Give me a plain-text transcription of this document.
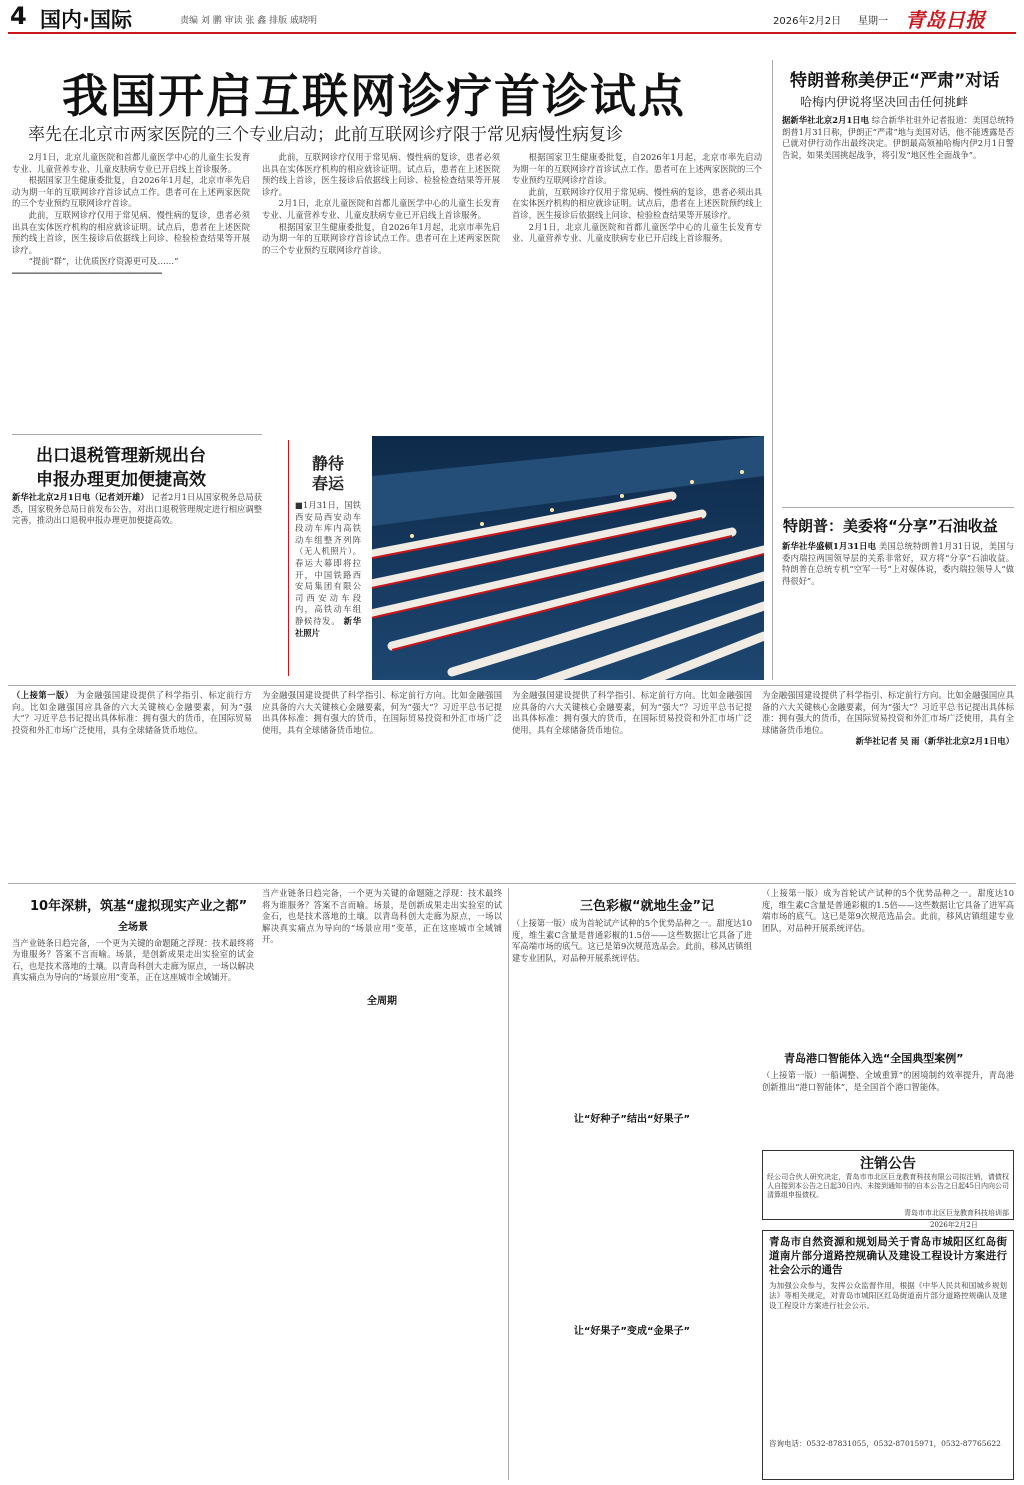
4 国内·国际	责编 刘 鹏 审读 张 鑫 排版 戚晓明	2026年2月2日 星期一 青岛日报
我国开启互联网诊疗首诊试点
率先在北京市两家医院的三个专业启动；此前互联网诊疗限于常见病慢性病复诊

2月1日，北京儿童医院和首都儿童医学中心的儿童生长发育专业、儿童营养专业、儿童皮肤病专业已开启线上首诊服务。

根据国家卫生健康委批复，自2026年1月起，北京市率先启动为期一年的互联网诊疗首诊试点工作。患者可在上述两家医院的三个专业预约互联网诊疗首诊。

此前，互联网诊疗仅用于常见病、慢性病的复诊，患者必须出具在实体医疗机构的相应就诊证明。试点后，患者在上述医院预约线上首诊，医生接诊后依据线上问诊、检验检查结果等开展诊疗。

“提前“群”，让优质医疗资源更可及……”

━━━━━━━━━━━━━━━━━━━━━━━━━━━━━━

此前，互联网诊疗仅用于常见病、慢性病的复诊，患者必须出具在实体医疗机构的相应就诊证明。试点后，患者在上述医院预约线上首诊，医生接诊后依据线上问诊、检验检查结果等开展诊疗。

2月1日，北京儿童医院和首都儿童医学中心的儿童生长发育专业、儿童营养专业、儿童皮肤病专业已开启线上首诊服务。

根据国家卫生健康委批复，自2026年1月起，北京市率先启动为期一年的互联网诊疗首诊试点工作。患者可在上述两家医院的三个专业预约互联网诊疗首诊。

根据国家卫生健康委批复，自2026年1月起，北京市率先启动为期一年的互联网诊疗首诊试点工作。患者可在上述两家医院的三个专业预约互联网诊疗首诊。

此前，互联网诊疗仅用于常见病、慢性病的复诊，患者必须出具在实体医疗机构的相应就诊证明。试点后，患者在上述医院预约线上首诊，医生接诊后依据线上问诊、检验检查结果等开展诊疗。

2月1日，北京儿童医院和首都儿童医学中心的儿童生长发育专业、儿童营养专业、儿童皮肤病专业已开启线上首诊服务。

特朗普称美伊正“严肃”对话
哈梅内伊说将坚决回击任何挑衅
据新华社北京2月1日电 综合新华社驻外记者报道：美国总统特朗普1月31日称，伊朗正“严肃”地与美国对话，他不能透露是否已就对伊行动作出最终决定。伊朗最高领袖哈梅内伊2月1日警告说，如果美国挑起战争，将引发“地区性全面战争”。
特朗普：美委将“分享”石油收益
新华社华盛顿1月31日电 美国总统特朗普1月31日说，美国与委内瑞拉两国领导层的关系非常好，双方将“分享”石油收益。特朗普在总统专机“空军一号”上对媒体说，委内瑞拉领导人“做得很好”。
出口退税管理新规出台
申报办理更加便捷高效
新华社北京2月1日电（记者刘开雄） 记者2月1日从国家税务总局获悉，国家税务总局日前发布公告，对出口退税管理规定进行相应调整完善，推动出口退税申报办理更加便捷高效。
静待春运
■1月31日，国铁西安局西安动车段动车库内高铁动车组整齐列阵（无人机照片）。春运大幕即将拉开，中国铁路西安局集团有限公司西安动车段内，高铁动车组静候待发。 新华社照片
（上接第一版） 为金融强国建设提供了科学指引、标定前行方向。比如金融强国应具备的六大关键核心金融要素，何为“强大”？习近平总书记提出具体标准：拥有强大的货币，在国际贸易投资和外汇市场广泛使用，具有全球储备货币地位。
为金融强国建设提供了科学指引、标定前行方向。比如金融强国应具备的六大关键核心金融要素，何为“强大”？习近平总书记提出具体标准：拥有强大的货币，在国际贸易投资和外汇市场广泛使用，具有全球储备货币地位。
为金融强国建设提供了科学指引、标定前行方向。比如金融强国应具备的六大关键核心金融要素，何为“强大”？习近平总书记提出具体标准：拥有强大的货币，在国际贸易投资和外汇市场广泛使用，具有全球储备货币地位。
为金融强国建设提供了科学指引、标定前行方向。比如金融强国应具备的六大关键核心金融要素，何为“强大”？习近平总书记提出具体标准：拥有强大的货币，在国际贸易投资和外汇市场广泛使用，具有全球储备货币地位。
新华社记者 吴 雨（新华社北京2月1日电）
10年深耕，筑基“虚拟现实产业之都”
全场景
当产业链条日趋完备，一个更为关键的命题随之浮现：技术最终将为谁服务？答案不言而喻。场景，是创新成果走出实验室的试金石，也是技术落地的土壤。以青岛科创大走廊为原点，一场以解决真实痛点为导向的“场景应用”变革，正在这座城市全域铺开。
当产业链条日趋完备，一个更为关键的命题随之浮现：技术最终将为谁服务？答案不言而喻。场景，是创新成果走出实验室的试金石，也是技术落地的土壤。以青岛科创大走廊为原点，一场以解决真实痛点为导向的“场景应用”变革，正在这座城市全域铺开。
全周期
三色彩椒“就地生金”记
（上接第一版）成为首轮试产试种的5个优势品种之一。甜度达10度，维生素C含量是普通彩椒的1.5倍——这些数据让它具备了进军高端市场的底气。这已是第9次规范选品会。此前，移风店镇组建专业团队，对品种开展系统评估。
让“好种子”结出“好果子”
让“好果子”变成“金果子”
（上接第一版）成为首轮试产试种的5个优势品种之一。甜度达10度，维生素C含量是普通彩椒的1.5倍——这些数据让它具备了进军高端市场的底气。这已是第9次规范选品会。此前，移风店镇组建专业团队，对品种开展系统评估。
青岛港口智能体入选“全国典型案例”
（上接第一版）一船调整、全域重算”的困境制约效率提升，青岛港创新推出“港口智能体”，是全国首个港口智能体。
注销公告
经公司合伙人研究决定，青岛市市北区巨龙教育科技有限公司拟注销，请债权人自接到本公告之日起30日内、未接到通知书的自本公告之日起45日内向公司清算组申报债权。
青岛市市北区巨龙教育科技培训部
2026年2月2日
青岛市自然资源和规划局关于青岛市城阳区红岛街道南片部分道路控规确认及建设工程设计方案进行社会公示的通告
为加强公众参与，发挥公众监督作用，根据《中华人民共和国城乡规划法》等相关规定，对青岛市城阳区红岛街道南片部分道路控规确认及建设工程设计方案进行社会公示。
咨询电话：0532-87831055，0532-87015971，0532-87765622
